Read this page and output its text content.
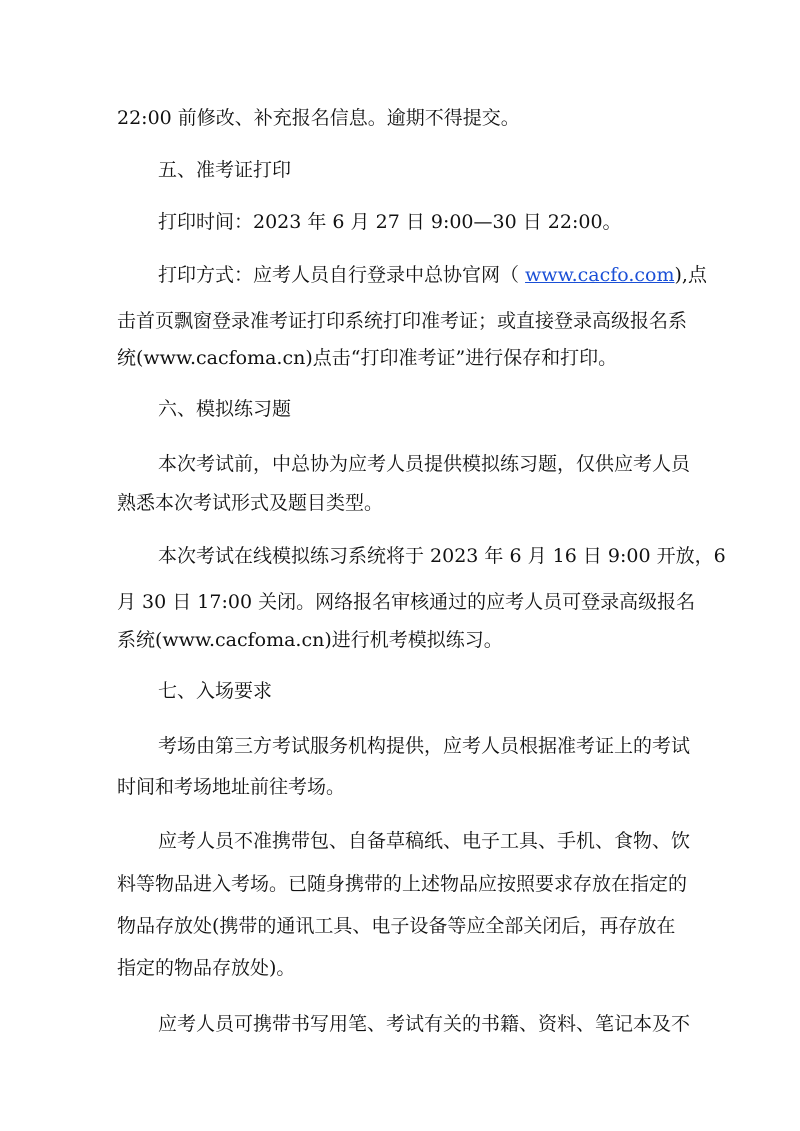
22:00 前修改、补充报名信息。逾期不得提交。
五、准考证打印
打印时间：2023 年 6 月 27 日 9:00—30 日 22:00。
打印方式：应考人员自行登录中总协官网（ www.cacfo.com),点
击首页飘窗登录准考证打印系统打印准考证；或直接登录高级报名系
统(www.cacfoma.cn)点击“打印准考证”进行保存和打印。
六、模拟练习题
本次考试前，中总协为应考人员提供模拟练习题，仅供应考人员
熟悉本次考试形式及题目类型。
本次考试在线模拟练习系统将于 2023 年 6 月 16 日 9:00 开放，6
月 30 日 17:00 关闭。网络报名审核通过的应考人员可登录高级报名
系统(www.cacfoma.cn)进行机考模拟练习。
七、入场要求
考场由第三方考试服务机构提供，应考人员根据准考证上的考试
时间和考场地址前往考场。
应考人员不准携带包、自备草稿纸、电子工具、手机、食物、饮
料等物品进入考场。已随身携带的上述物品应按照要求存放在指定的
物品存放处(携带的通讯工具、电子设备等应全部关闭后，再存放在
指定的物品存放处)。
应考人员可携带书写用笔、考试有关的书籍、资料、笔记本及不
